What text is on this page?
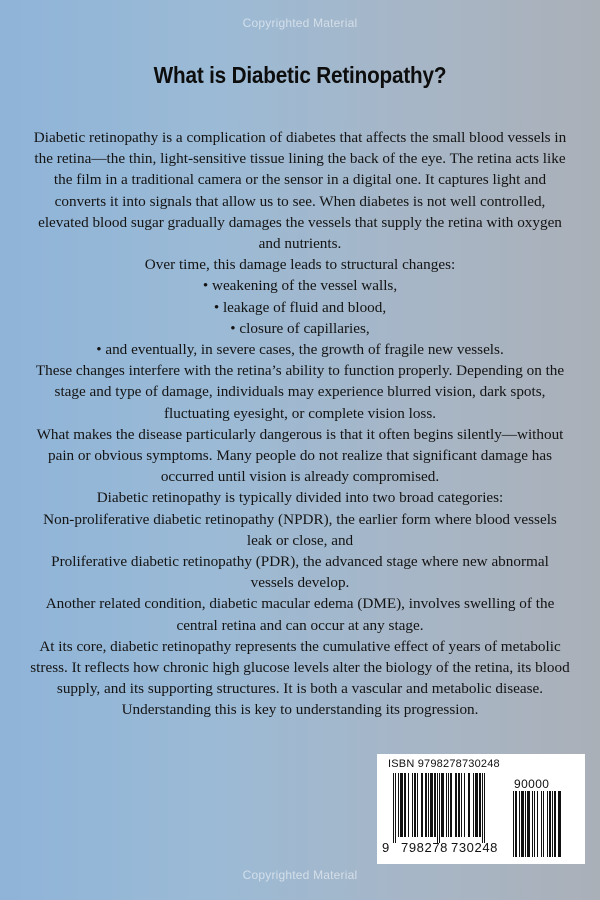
Copyrighted Material
What is Diabetic Retinopathy?

Diabetic retinopathy is a complication of diabetes that affects the small blood vessels in the retina—the thin, light-sensitive tissue lining the back of the eye. The retina acts like the film in a traditional camera or the sensor in a digital one. It captures light and converts it into signals that allow us to see. When diabetes is not well controlled, elevated blood sugar gradually damages the vessels that supply the retina with oxygen and nutrients.

Over time, this damage leads to structural changes:

• weakening of the vessel walls,

• leakage of fluid and blood,

• closure of capillaries,

• and eventually, in severe cases, the growth of fragile new vessels.

These changes interfere with the retina’s ability to function properly. Depending on the stage and type of damage, individuals may experience blurred vision, dark spots, fluctuating eyesight, or complete vision loss.

What makes the disease particularly dangerous is that it often begins silently—without pain or obvious symptoms. Many people do not realize that significant damage has occurred until vision is already compromised.

Diabetic retinopathy is typically divided into two broad categories:

Non-proliferative diabetic retinopathy (NPDR), the earlier form where blood vessels leak or close, and

Proliferative diabetic retinopathy (PDR), the advanced stage where new abnormal vessels develop.

Another related condition, diabetic macular edema (DME), involves swelling of the central retina and can occur at any stage.

At its core, diabetic retinopathy represents the cumulative effect of years of metabolic stress. It reflects how chronic high glucose levels alter the biology of the retina, its blood supply, and its supporting structures. It is both a vascular and metabolic disease. Understanding this is key to understanding its progression.

ISBN 9798278730248
90000
9 798278 730248
Copyrighted Material
